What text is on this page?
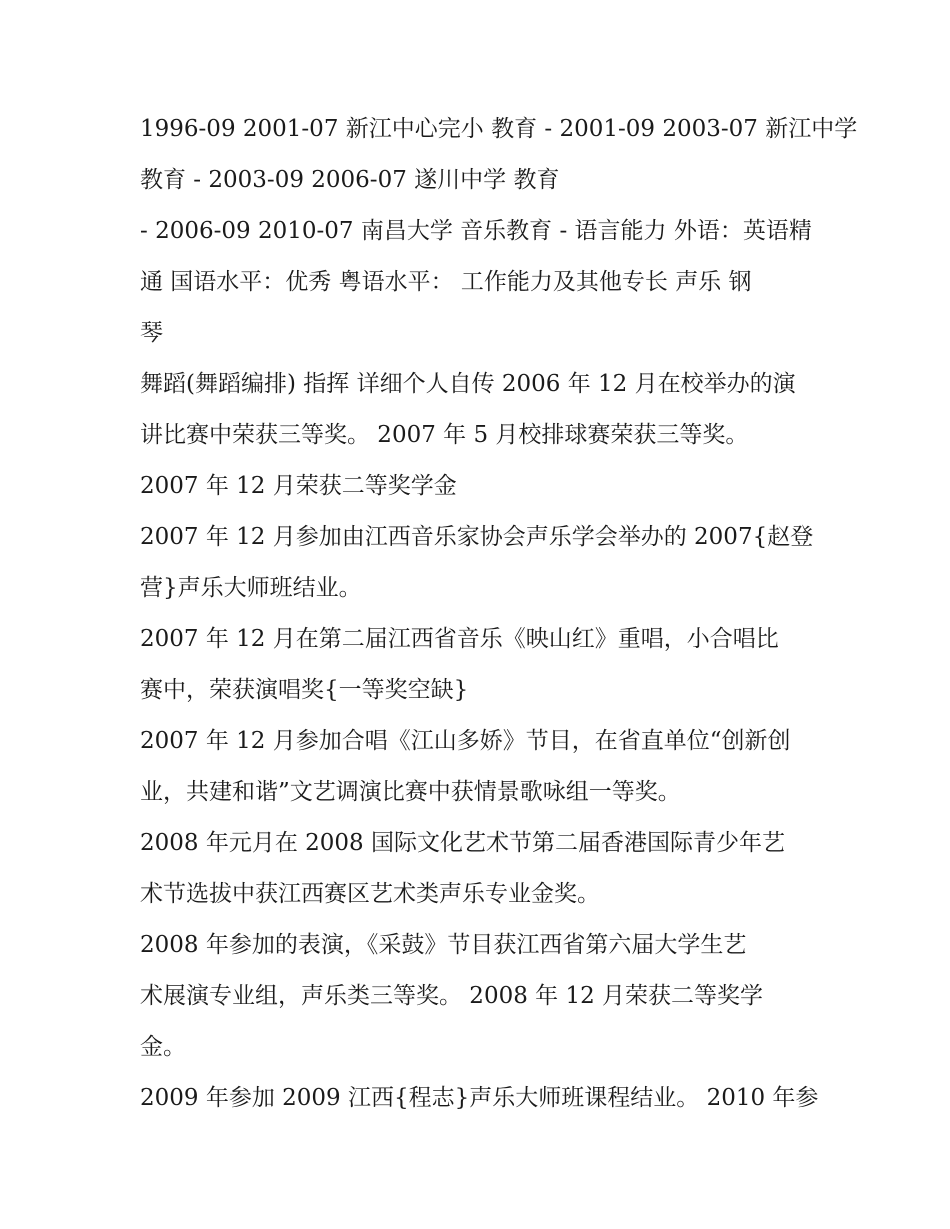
1996-09 2001-07 新江中心完小 教育 - 2001-09 2003-07 新江中学
教育 - 2003-09 2006-07 遂川中学 教育
- 2006-09 2010-07 南昌大学 音乐教育 - 语言能力 外语：英语精
通 国语水平：优秀 粤语水平： 工作能力及其他专长 声乐 钢
琴
舞蹈(舞蹈编排) 指挥 详细个人自传 2006 年 12 月在校举办的演
讲比赛中荣获三等奖。 2007 年 5 月校排球赛荣获三等奖。
2007 年 12 月荣获二等奖学金
2007 年 12 月参加由江西音乐家协会声乐学会举办的 2007{赵登
营}声乐大师班结业。
2007 年 12 月在第二届江西省音乐《映山红》重唱，小合唱比
赛中，荣获演唱奖{一等奖空缺}
2007 年 12 月参加合唱《江山多娇》节目，在省直单位“创新创
业，共建和谐”文艺调演比赛中获情景歌咏组一等奖。
2008 年元月在 2008 国际文化艺术节第二届香港国际青少年艺
术节选拔中获江西赛区艺术类声乐专业金奖。
2008 年参加的表演，《采鼓》节目获江西省第六届大学生艺
术展演专业组，声乐类三等奖。 2008 年 12 月荣获二等奖学
金。
2009 年参加 2009 江西{程志}声乐大师班课程结业。 2010 年参
